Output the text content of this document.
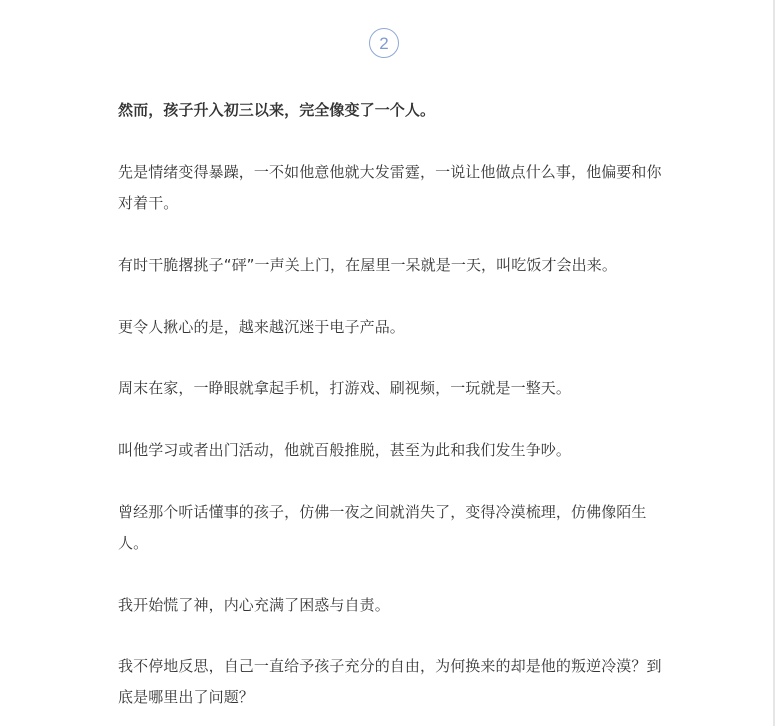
2

然而，孩子升入初三以来，完全像变了一个人。

先是情绪变得暴躁，一不如他意他就大发雷霆，一说让他做点什么事，他偏要和你对着干。

有时干脆撂挑子“砰”一声关上门，在屋里一呆就是一天，叫吃饭才会出来。

更令人揪心的是，越来越沉迷于电子产品。

周末在家，一睁眼就拿起手机，打游戏、刷视频，一玩就是一整天。

叫他学习或者出门活动，他就百般推脱，甚至为此和我们发生争吵。

曾经那个听话懂事的孩子，仿佛一夜之间就消失了，变得冷漠梳理，仿佛像陌生人。

我开始慌了神，内心充满了困惑与自责。

我不停地反思，自己一直给予孩子充分的自由，为何换来的却是他的叛逆冷漠？到底是哪里出了问题？
